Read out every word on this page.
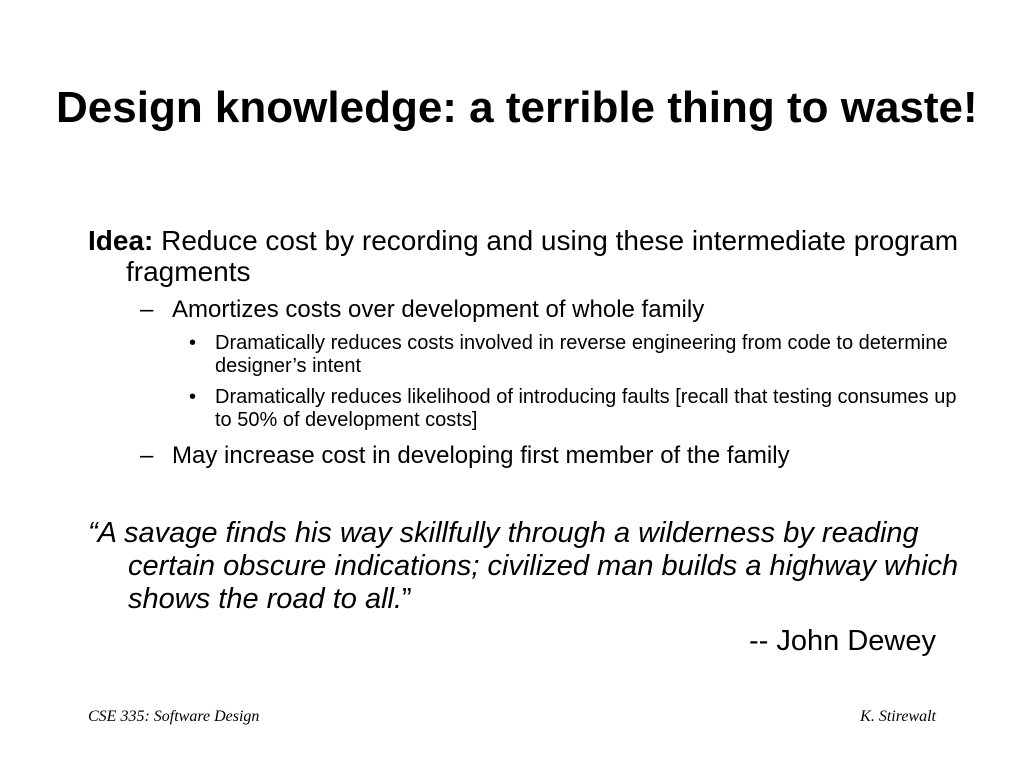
Design knowledge: a terrible thing to waste!
Idea: Reduce cost by recording and using these intermediate program fragments
– Amortizes costs over development of whole family
• Dramatically reduces costs involved in reverse engineering from code to determine designer’s intent
• Dramatically reduces likelihood of introducing faults [recall that testing consumes up to 50% of development costs]
– May increase cost in developing first member of the family
“A savage finds his way skillfully through a wilderness by reading certain obscure indications; civilized man builds a highway which shows the road to all.”
-- John Dewey
CSE 335: Software Design	K. Stirewalt
